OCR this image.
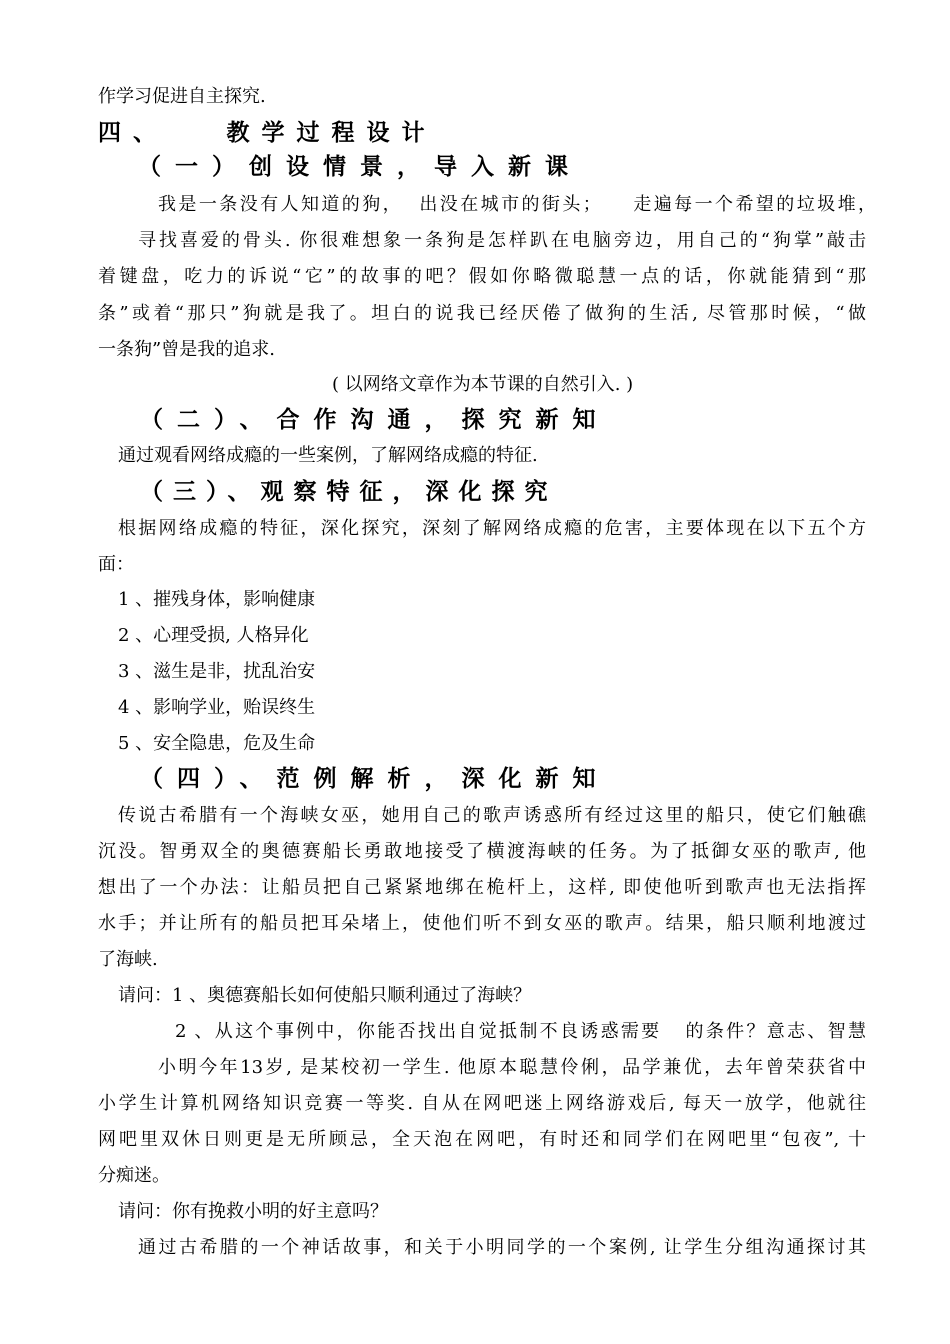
作学习促进自主探究.
四、　　教学过程设计
（一）创设情景，导入新课
我是一条没有人知道的狗，  出没在城市的街头；    走遍每一个希望的垃圾堆，
寻找喜爱的骨头. 你很难想象一条狗是怎样趴在电脑旁边，用自己的“狗掌”敲击
着键盘，吃力的诉说“它”的故事的吧？假如你略微聪慧一点的话，你就能猜到“那
条”或着“那只”狗就是我了。坦白的说我已经厌倦了做狗的生活, 尽管那时候，“做
一条狗”曾是我的追求.
( 以网络文章作为本节课的自然引入. )
（二）、合作沟通，探究新知
通过观看网络成瘾的一些案例，了解网络成瘾的特征.
（三）、观察特征，深化探究
根据网络成瘾的特征，深化探究，深刻了解网络成瘾的危害，主要体现在以下五个方
面：
1 、摧残身体，影响健康
2 、心理受损, 人格异化
3 、滋生是非，扰乱治安
4 、影响学业，贻误终生
5 、安全隐患，危及生命
（四）、范例解析，深化新知
传说古希腊有一个海峡女巫，她用自己的歌声诱惑所有经过这里的船只，使它们触礁
沉没。智勇双全的奥德赛船长勇敢地接受了横渡海峡的任务。为了抵御女巫的歌声, 他
想出了一个办法：让船员把自己紧紧地绑在桅杆上，这样, 即使他听到歌声也无法指挥
水手；并让所有的船员把耳朵堵上，使他们听不到女巫的歌声。结果，船只顺利地渡过
了海峡.
请问：1 、奥德赛船长如何使船只顺利通过了海峡？
2 、从这个事例中，你能否找出自觉抵制不良诱惑需要   的条件？意志、智慧
小明今年13岁, 是某校初一学生. 他原本聪慧伶俐，品学兼优，去年曾荣获省中
小学生计算机网络知识竞赛一等奖. 自从在网吧迷上网络游戏后, 每天一放学，他就往
网吧里双休日则更是无所顾忌，全天泡在网吧，有时还和同学们在网吧里“包夜”, 十
分痴迷。
请问：你有挽救小明的好主意吗？
通过古希腊的一个神话故事，和关于小明同学的一个案例, 让学生分组沟通探讨其
